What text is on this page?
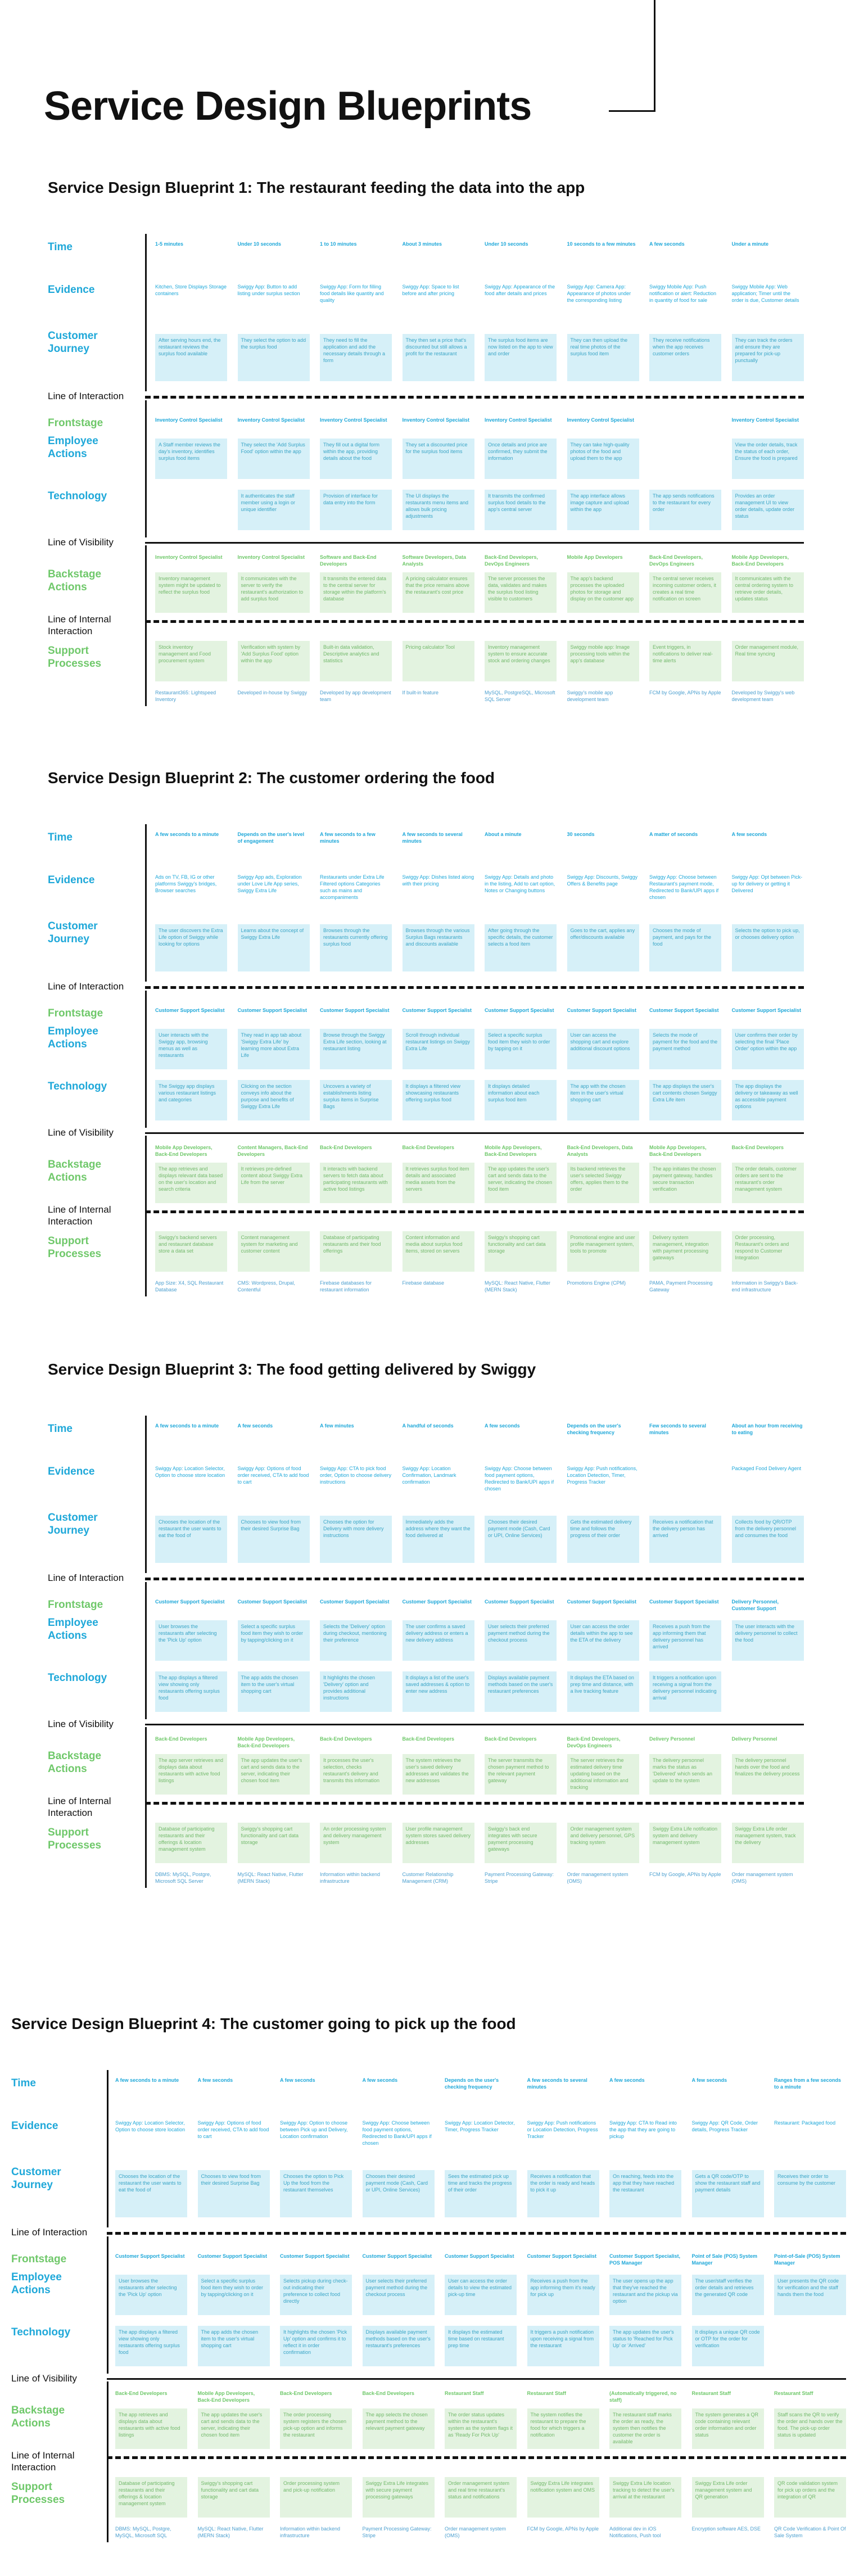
Service Design Blueprints
Service Design Blueprint 1: The restaurant feeding the data into the app
Time
Evidence
Customer Journey
Line of Interaction
Frontstage
Employee Actions
Technology
Line of Visibility
Backstage Actions
Line of Internal Interaction
Support Processes
1-5 minutes
Kitchen, Store Displays Storage containers
After serving hours end, the restaurant reviews the surplus food available
Inventory Control Specialist
A Staff member reviews the day's inventory, identifies surplus food items
Inventory Control Specialist
Inventory management system might be updated to reflect the surplus food
Stock inventory management and Food procurement system
Restaurant365: Lightspeed Inventory
Under 10 seconds
Swiggy App: Button to add listing under surplus section
They select the option to add the surplus food
Inventory Control Specialist
They select the 'Add Surplus Food' option within the app
It authenticates the staff member using a login or unique identifier
Inventory Control Specialist
It communicates with the server to verify the restaurant's authorization to add surplus food
Verification with system by 'Add Surplus Food' option within the app
Developed in-house by Swiggy
1 to 10 minutes
Swiggy App: Form for filling food details like quantity and quality
They need to fill the application and add the necessary details through a form
Inventory Control Specialist
They fill out a digital form within the app, providing details about the food
Provision of interface for data entry into the form
Software and Back-End Developers
It transmits the entered data to the central server for storage within the platform's database
Built-in data validation, Descriptive analytics and statistics
Developed by app development team
About 3 minutes
Swiggy App: Space to list before and after pricing
They then set a price that's discounted but still allows a profit for the restaurant
Inventory Control Specialist
They set a discounted price for the surplus food items
The UI displays the restaurants menu items and allows bulk pricing adjustments
Software Developers, Data Analysts
A pricing calculator ensures that the price remains above the restaurant's cost price
Pricing calculator Tool
If built-in feature
Under 10 seconds
Swiggy App: Appearance of the food after details and prices
The surplus food items are now listed on the app to view and order
Inventory Control Specialist
Once details and price are confirmed, they submit the information
It transmits the confirmed surplus food details to the app's central server
Back-End Developers, DevOps Engineers
The server processes the data, validates and makes the surplus food listing visible to customers
Inventory management system to ensure accurate stock and ordering changes
MySQL, PostgreSQL, Microsoft SQL Server
10 seconds to a few minutes
Swiggy App: Camera App: Appearance of photos under the corresponding listing
They can then upload the real time photos of the surplus food item
Inventory Control Specialist
They can take high-quality photos of the food and upload them to the app
The app interface allows image capture and upload within the app
Mobile App Developers
The app's backend processes the uploaded photos for storage and display on the customer app
Swiggy mobile app: Image processing tools within the app's database
Swiggy's mobile app development team
A few seconds
Swiggy Mobile App: Push notification or alert: Reduction in quantity of food for sale
They receive notifications when the app receives customer orders
The app sends notifications to the restaurant for every order
Back-End Developers, DevOps Engineers
The central server receives incoming customer orders, it creates a real time notification on screen
Event triggers, in notifications to deliver real-time alerts
FCM by Google, APNs by Apple
Under a minute
Swiggy Mobile App: Web application; Timer until the order is due, Customer details
They can track the orders and ensure they are prepared for pick-up punctually
Inventory Control Specialist
View the order details, track the status of each order, Ensure the food is prepared
Provides an order management UI to view order details, update order status
Mobile App Developers, Back-End Developers
It communicates with the central ordering system to retrieve order details, updates status
Order management module, Real time syncing
Developed by Swiggy's web development team
Service Design Blueprint 2: The customer ordering the food
Time
Evidence
Customer Journey
Line of Interaction
Frontstage
Employee Actions
Technology
Line of Visibility
Backstage Actions
Line of Internal Interaction
Support Processes
A few seconds to a minute
Ads on TV, FB, IG or other platforms Swiggy's bridges, Browser searches
The user discovers the Extra Life option of Swiggy while looking for options
Customer Support Specialist
User interacts with the Swiggy app, browsing menus as well as restaurants
The Swiggy app displays various restaurant listings and categories
Mobile App Developers, Back-End Developers
The app retrieves and displays relevant data based on the user's location and search criteria
Swiggy's backend servers and restaurant database store a data set
App Size: X4, SQL Restaurant Database
Depends on the user's level of engagement
Swiggy App ads, Exploration under Love Life App series, Swiggy Extra Life
Learns about the concept of Swiggy Extra Life
Customer Support Specialist
They read in app tab about 'Swiggy Extra Life' by learning more about Extra Life
Clicking on the section conveys info about the purpose and benefits of Swiggy Extra Life
Content Managers, Back-End Developers
It retrieves pre-defined content about Swiggy Extra Life from the server
Content management system for marketing and customer content
CMS: Wordpress, Drupal, Contentful
A few seconds to a few minutes
Restaurants under Extra Life Filtered options Categories such as mains and accompaniments
Browses through the restaurants currently offering surplus food
Customer Support Specialist
Browse through the Swiggy Extra Life section, looking at restaurant listing
Uncovers a variety of establishments listing surplus items in Surprise Bags
Back-End Developers
It interacts with backend servers to fetch data about participating restaurants with active food listings
Database of participating restaurants and their food offerings
Firebase databases for restaurant information
A few seconds to several minutes
Swiggy App: Dishes listed along with their pricing
Browses through the various Surplus Bags restaurants and discounts available
Customer Support Specialist
Scroll through individual restaurant listings on Swiggy Extra Life
It displays a filtered view showcasing restaurants offering surplus food
Back-End Developers
It retrieves surplus food item details and associated media assets from the servers
Content information and media about surplus food items, stored on servers
Firebase database
About a minute
Swiggy App: Details and photo in the listing, Add to cart option, Notes or Changing buttons
After going through the specific details, the customer selects a food item
Customer Support Specialist
Select a specific surplus food item they wish to order by tapping on it
It displays detailed information about each surplus food item
Mobile App Developers, Back-End Developers
The app updates the user's cart and sends data to the server, indicating the chosen food item
Swiggy's shopping cart functionality and cart data storage
MySQL: React Native, Flutter (MERN Stack)
30 seconds
Swiggy App: Discounts, Swiggy Offers & Benefits page
Goes to the cart, applies any offer/discounts available
Customer Support Specialist
User can access the shopping cart and explore additional discount options
The app with the chosen item in the user's virtual shopping cart
Back-End Developers, Data Analysts
Its backend retrieves the user's selected Swiggy offers, applies them to the order
Promotional engine and user profile management system, tools to promote
Promotions Engine (CPM)
A matter of seconds
Swiggy App: Choose between Restaurant's payment mode, Redirected to Bank/UPI apps if chosen
Chooses the mode of payment, and pays for the food
Customer Support Specialist
Selects the mode of payment for the food and the payment method
The app displays the user's cart contents chosen Swiggy Extra Life item
Mobile App Developers, Back-End Developers
The app initiates the chosen payment gateway, handles secure transaction verification
Delivery system management, integration with payment processing gateways
PAMA, Payment Processing Gateway
A few seconds
Swiggy App: Opt between Pick-up for delivery or getting it Delivered
Selects the option to pick up, or chooses delivery option
Customer Support Specialist
User confirms their order by selecting the final 'Place Order' option within the app
The app displays the delivery or takeaway as well as accessible payment options
Back-End Developers
The order details, customer orders are sent to the restaurant's order management system
Order processing, Restaurant's orders and respond to Customer Integration
Information in Swiggy's Back-end infrastructure
Service Design Blueprint 3: The food getting delivered by Swiggy
Time
Evidence
Customer Journey
Line of Interaction
Frontstage
Employee Actions
Technology
Line of Visibility
Backstage Actions
Line of Internal Interaction
Support Processes
A few seconds to a minute
Swiggy App: Location Selector, Option to choose store location
Chooses the location of the restaurant the user wants to eat the food of
Customer Support Specialist
User browses the restaurants after selecting the 'Pick Up' option
The app displays a filtered view showing only restaurants offering surplus food
Back-End Developers
The app server retrieves and displays data about restaurants with active food listings
Database of participating restaurants and their offerings & location management system
DBMS: MySQL, Postgre, Microsoft SQL Server
A few seconds
Swiggy App: Options of food order received, CTA to add food to cart
Chooses to view food from their desired Surprise Bag
Customer Support Specialist
Select a specific surplus food item they wish to order by tapping/clicking on it
The app adds the chosen item to the user's virtual shopping cart
Mobile App Developers, Back-End Developers
The app updates the user's cart and sends data to the server, indicating their chosen food item
Swiggy's shopping cart functionality and cart data storage
MySQL: React Native, Flutter (MERN Stack)
A few minutes
Swiggy App: CTA to pick food order, Option to choose delivery instructions
Chooses the option for Delivery with more delivery instructions
Customer Support Specialist
Selects the 'Delivery' option during checkout, mentioning their preference
It highlights the chosen 'Delivery' option and provides additional instructions
Back-End Developers
It processes the user's selection, checks restaurant's delivery and transmits this information
An order processing system and delivery management system
Information within backend infrastructure
A handful of seconds
Swiggy App: Location Confirmation, Landmark confirmation
Immediately adds the address where they want the food delivered at
Customer Support Specialist
The user confirms a saved delivery address or enters a new delivery address
It displays a list of the user's saved addresses & option to enter new address
Back-End Developers
The system retrieves the user's saved delivery addresses and validates the new addresses
User profile management system stores saved delivery addresses
Customer Relationship Management (CRM)
A few seconds
Swiggy App: Choose between food payment options, Redirected to Bank/UPI apps if chosen
Chooses their desired payment mode (Cash, Card or UPI, Online Services)
Customer Support Specialist
User selects their preferred payment method during the checkout process
Displays available payment methods based on the user's restaurant preferences
Back-End Developers
The server transmits the chosen payment method to the relevant payment gateway
Swiggy's back end integrates with secure payment processing gateways
Payment Processing Gateway: Stripe
Depends on the user's checking frequency
Swiggy App: Push notifications, Location Detection, Timer, Progress Tracker
Gets the estimated delivery time and follows the progress of their order
Customer Support Specialist
User can access the order details within the app to see the ETA of the delivery
It displays the ETA based on prep time and distance, with a live tracking feature
Back-End Developers, DevOps Engineers
The server retrieves the estimated delivery time updating based on the additional information and tracking
Order management system and delivery personnel, GPS tracking system
Order management system (OMS)
Few seconds to several minutes
Receives a notification that the delivery person has arrived
Customer Support Specialist
Receives a push from the app informing them that delivery personnel has arrived
It triggers a notification upon receiving a signal from the delivery personnel indicating arrival
Delivery Personnel
The delivery personnel marks the status as 'Delivered' which sends an update to the system
Swiggy Extra Life notification system and delivery management system
FCM by Google, APNs by Apple
About an hour from receiving to eating
Packaged Food Delivery Agent
Collects food by QR/OTP from the delivery personnel and consumes the food
Delivery Personnel, Customer Support
The user interacts with the delivery personnel to collect the food
Delivery Personnel
The delivery personnel hands over the food and finalizes the delivery process
Swiggy Extra Life order management system, track the delivery
Order management system (OMS)
Service Design Blueprint 4: The customer going to pick up the food
Time
Evidence
Customer Journey
Line of Interaction
Frontstage
Employee Actions
Technology
Line of Visibility
Backstage Actions
Line of Internal Interaction
Support Processes
A few seconds to a minute
Swiggy App: Location Selector, Option to choose store location
Chooses the location of the restaurant the user wants to eat the food of
Customer Support Specialist
User browses the restaurants after selecting the 'Pick Up' option
The app displays a filtered view showing only restaurants offering surplus food
Back-End Developers
The app retrieves and displays data about restaurants with active food listings
Database of participating restaurants and their offerings & location management system
DBMS: MySQL, Postgre, MySQL, Microsoft SQL
A few seconds
Swiggy App: Options of food order received, CTA to add food to cart
Chooses to view food from their desired Surprise Bag
Customer Support Specialist
Select a specific surplus food item they wish to order by tapping/clicking on it
The app adds the chosen item to the user's virtual shopping cart
Mobile App Developers, Back-End Developers
The app updates the user's cart and sends data to the server, indicating their chosen food item
Swiggy's shopping cart functionality and cart data storage
MySQL: React Native, Flutter (MERN Stack)
A few seconds
Swiggy App: Option to choose between Pick up and Delivery, Location confirmation
Chooses the option to Pick Up the food from the restaurant themselves
Customer Support Specialist
Selects pickup during check-out indicating their preference to collect food directly
It highlights the chosen 'Pick Up' option and confirms it to reflect it in order confirmation
Back-End Developers
The order processing system registers the chosen pick-up option and informs the restaurant
Order processing system and pick-up notification
Information within backend infrastructure
A few seconds
Swiggy App: Choose between food payment options, Redirected to Bank/UPI apps if chosen
Chooses their desired payment mode (Cash, Card or UPI, Online Services)
Customer Support Specialist
User selects their preferred payment method during the checkout process
Displays available payment methods based on the user's restaurant's preferences
Back-End Developers
The app selects the chosen payment method to the relevant payment gateway
Swiggy Extra Life integrates with secure payment processing gateways
Payment Processing Gateway: Stripe
Depends on the user's checking frequency
Swiggy App: Location Detector, Timer, Progress Tracker
Sees the estimated pick up time and tracks the progress of their order
Customer Support Specialist
User can access the order details to view the estimated pick-up time
It displays the estimated time based on restaurant prep time
Restaurant Staff
The order status updates within the restaurant's system as the system flags it as 'Ready For Pick Up'
Order management system and real time restaurant's status and notifications
Order management system (OMS)
A few seconds to several minutes
Swiggy App: Push notifications or Location Detection, Progress Tracker
Receives a notification that the order is ready and heads to pick it up
Customer Support Specialist
Receives a push from the app informing them it's ready for pick up
It triggers a push notification upon receiving a signal from the restaurant
Restaurant Staff
The system notifies the restaurant to prepare the food for which triggers a notification
Swiggy Extra Life integrates notification system and OMS
FCM by Google, APNs by Apple
A few seconds
Swiggy App: CTA to Read into the app that they are going to pickup
On reaching, feeds into the app that they have reached the restaurant
Customer Support Specialist, POS Manager
The user opens up the app that they've reached the restaurant and the pickup via option
The app updates the user's status to 'Reached for Pick Up' or 'Arrived'
(Automatically triggered, no staff)
The restaurant staff marks the order as ready, the system then notifies the customer the order is available
Swiggy Extra Life location tracking to detect the user's arrival at the restaurant
Additional dev in iOS Notifications, Push tool
A few seconds
Swiggy App: QR Code, Order details, Progress Tracker
Gets a QR code/OTP to show the restaurant staff and payment details
Point of Sale (POS) System Manager
The user/staff verifies the order details and retrieves the generated QR code
It displays a unique QR code or OTP for the order for verification
Restaurant Staff
The system generates a QR code containing relevant order information and order status
Swiggy Extra Life order management system and QR generation
Encryption software AES, DSE
Ranges from a few seconds to a minute
Restaurant: Packaged food
Receives their order to consume by the customer
Point-of-Sale (POS) System Manager
User presents the QR code for verification and the staff hands them the food
Restaurant Staff
Staff scans the QR to verify the order and hands over the food. The pick-up order status is updated
QR code validation system for pick up orders and the integration of QR
QR Code Verification & Point Of Sale System
